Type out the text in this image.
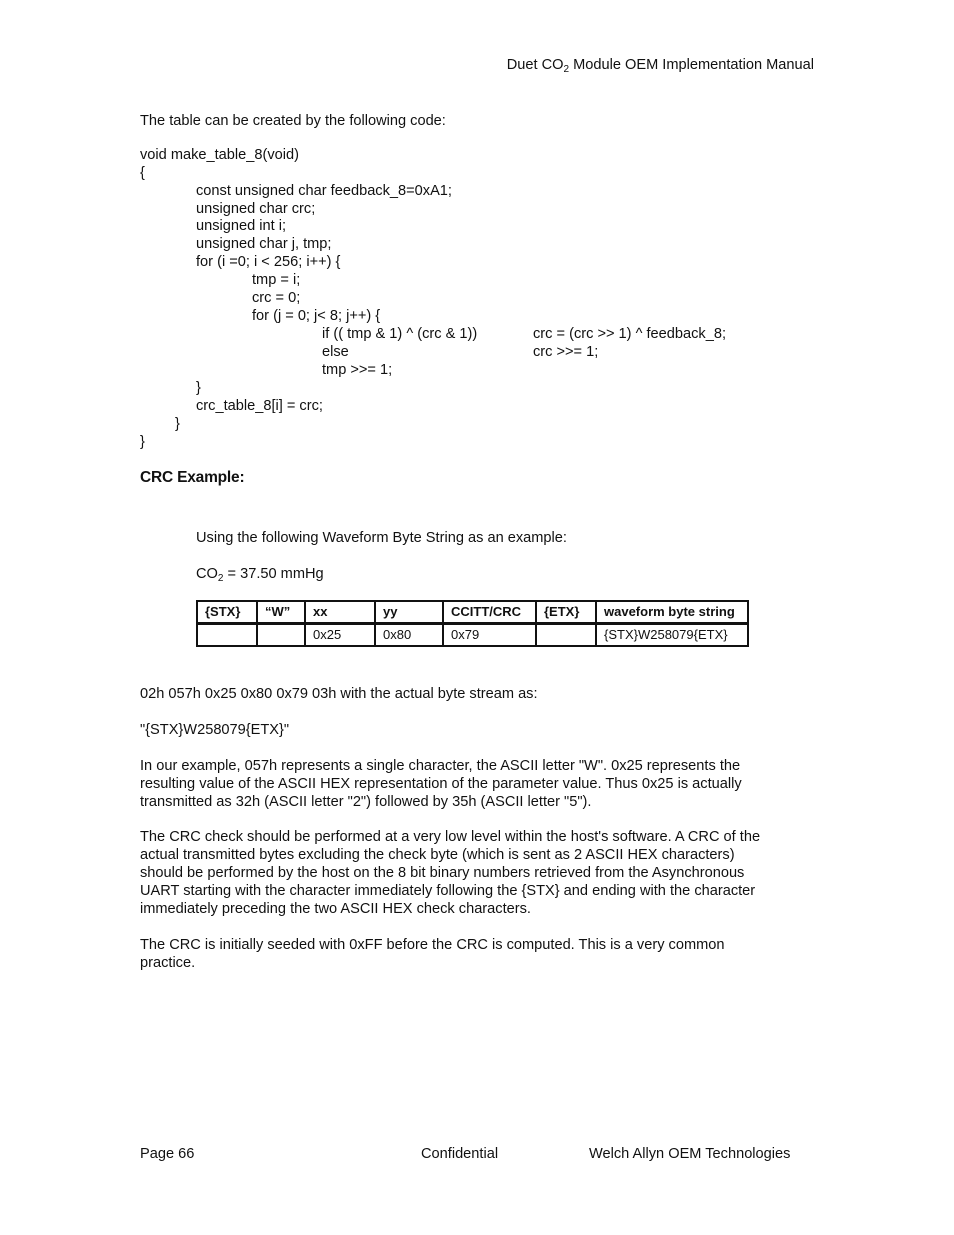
Duet $CO_2$ Module OEM Implementation Manual
The table can be created by the following code:
void make_table_8(void)
{
const unsigned char feedback_8=0xA1;
unsigned char crc;
unsigned int i;
unsigned char j, tmp;
for (i =0; i < 256; i++) {
tmp = i;
crc = 0;
for (j = 0; j< 8; j++) {
if (( tmp & 1) ^ (crc & 1))	crc = (crc >> 1) ^ feedback_8;
else	crc >>= 1;
tmp >>= 1;
}
crc_table_8[i] = crc;
}
}
CRC Example:
Using the following Waveform Byte String as an example:
$CO_2 = 37.50$ mmHg
{STX}	“W”	xx	yy	CCITT/CRC	{ETX}	waveform byte string
		0x25	0x80	0x79		{STX}W258079{ETX}
02h 057h 0x25 0x80 0x79 03h with the actual byte stream as:
"{STX}W258079{ETX}"
In our example, 057h represents a single character, the ASCII letter "W". 0x25 represents the
resulting value of the ASCII HEX representation of the parameter value. Thus 0x25 is actually
transmitted as 32h (ASCII letter "2") followed by 35h (ASCII letter "5").
The CRC check should be performed at a very low level within the host's software. A CRC of the
actual transmitted bytes excluding the check byte (which is sent as 2 ASCII HEX characters)
should be performed by the host on the 8 bit binary numbers retrieved from the Asynchronous
UART starting with the character immediately following the {STX} and ending with the character
immediately preceding the two ASCII HEX check characters.
The CRC is initially seeded with 0xFF before the CRC is computed. This is a very common
practice.
Page 66	Confidential	Welch Allyn OEM Technologies
